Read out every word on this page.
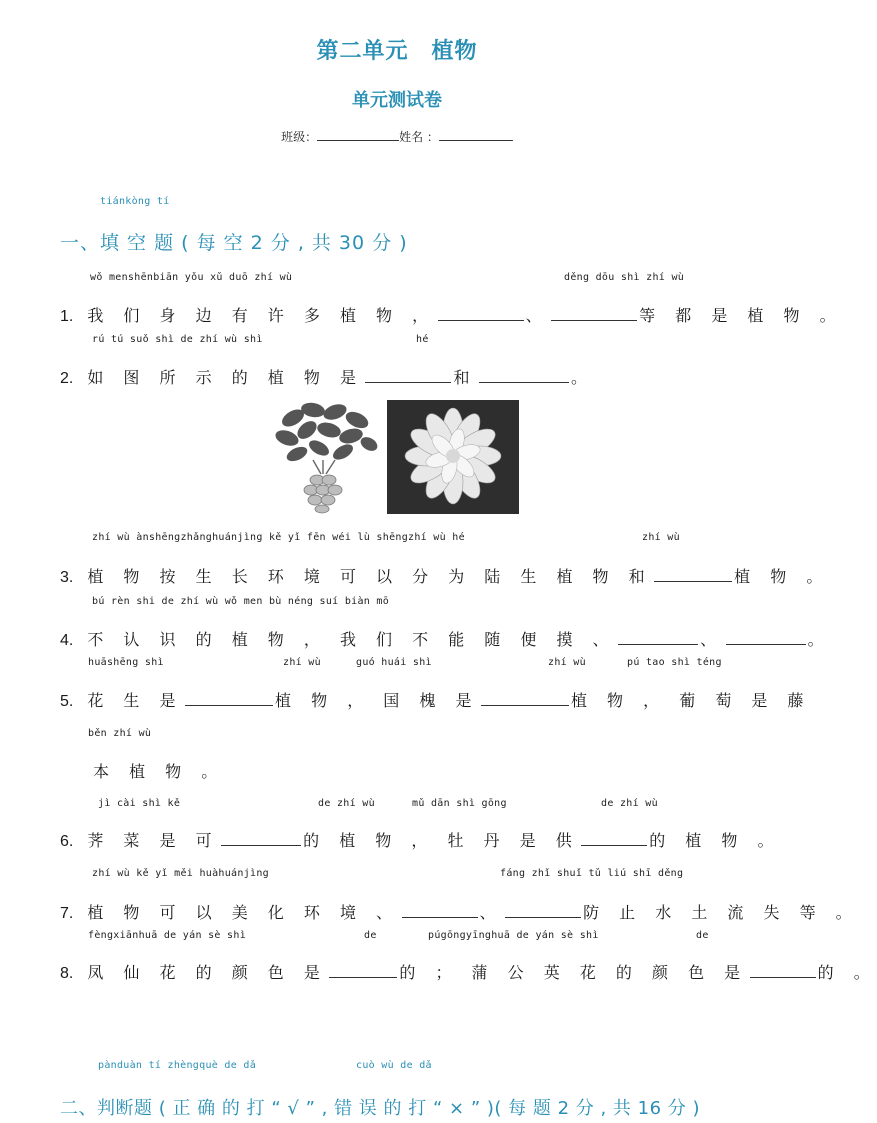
第二单元　植物
单元测试卷
班级：	姓名 ：
tiánkòng tí
一、填 空 题 ( 每 空 2 分 , 共 30 分 )
wǒ menshēnbiān yǒu xǔ duō zhí wù	děng dōu shì zhí wù
1. 我 们 身 边 有 许 多 植 物 ，	、	等 都 是 植 物 。
rú tú suǒ shì de zhí wù shì	hé
2. 如 图 所 示 的 植 物 是	和	。
zhí wù ànshēngzhǎnghuánjìng kě yǐ fēn wéi lù shēngzhí wù hé	zhí wù
3. 植 物 按 生 长 环 境 可 以 分 为 陆 生 植 物 和	植 物 。
bú rèn shi de zhí wù wǒ men bù néng suí biàn mō
4. 不 认 识 的 植 物 ， 我 们 不 能 随 便 摸 、	、	。
huāshēng shì	zhí wù	guó huái shì	zhí wù	pú tao shì téng
5. 花 生 是	植 物 ， 国 槐 是	植 物 ， 葡 萄 是 藤
běn zhí wù
本 植 物 。
jì cài shì kě	de zhí wù	mǔ dān shì gōng	de zhí wù
6. 荠 菜 是 可	的 植 物 ， 牡 丹 是 供	的 植 物 。
zhí wù kě yǐ měi huàhuánjìng	fáng zhǐ shuǐ tǔ liú shī děng
7. 植 物 可 以 美 化 环 境 、	、	防 止 水 土 流 失 等 。
fèngxiānhuā de yán sè shì	de	púgōngyīnghuā de yán sè shì	de
8. 凤 仙 花 的 颜 色 是	的 ； 蒲 公 英 花 的 颜 色 是	的 。
pànduàn tí zhèngquè de dǎ	cuò wù de dǎ
二、判断题 ( 正 确 的 打 “ √ ” , 错 误 的 打 “ × ” )( 每 题 2 分 , 共 16 分 )
